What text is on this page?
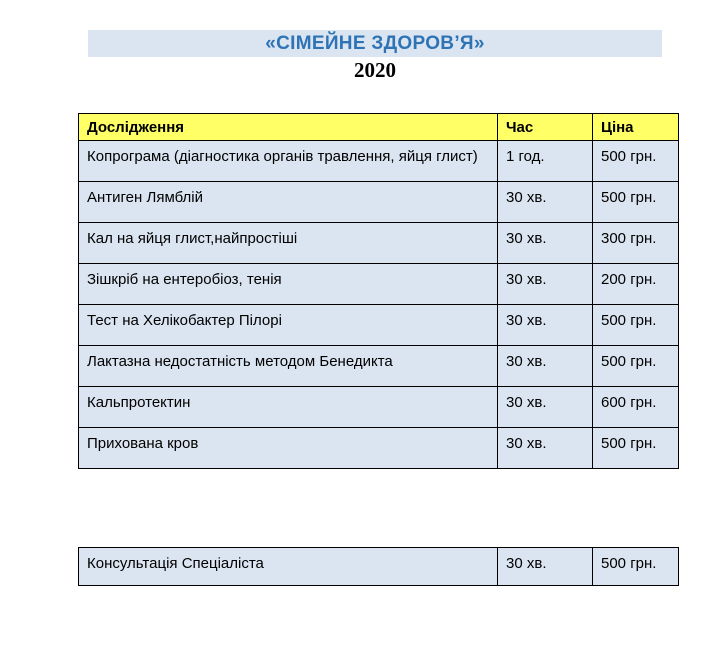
«СІМЕЙНЕ ЗДОРОВ’Я»
2020
Дослідження	Час	Ціна
Копрограма (діагностика органів травлення, яйця глист)	1 год.	500 грн.
Антиген Лямблій	30 хв.	500 грн.
Кал на яйця глист,найпростіші	30 хв.	300 грн.
Зішкріб на ентеробіоз, тенія	30 хв.	200 грн.
Тест на Хелікобактер Пілорі	30 хв.	500 грн.
Лактазна недостатність методом Бенедикта	30 хв.	500 грн.
Кальпротектин	30 хв.	600 грн.
Прихована кров	30 хв.	500 грн.
Консультація Спеціаліста	30 хв.	500 грн.
